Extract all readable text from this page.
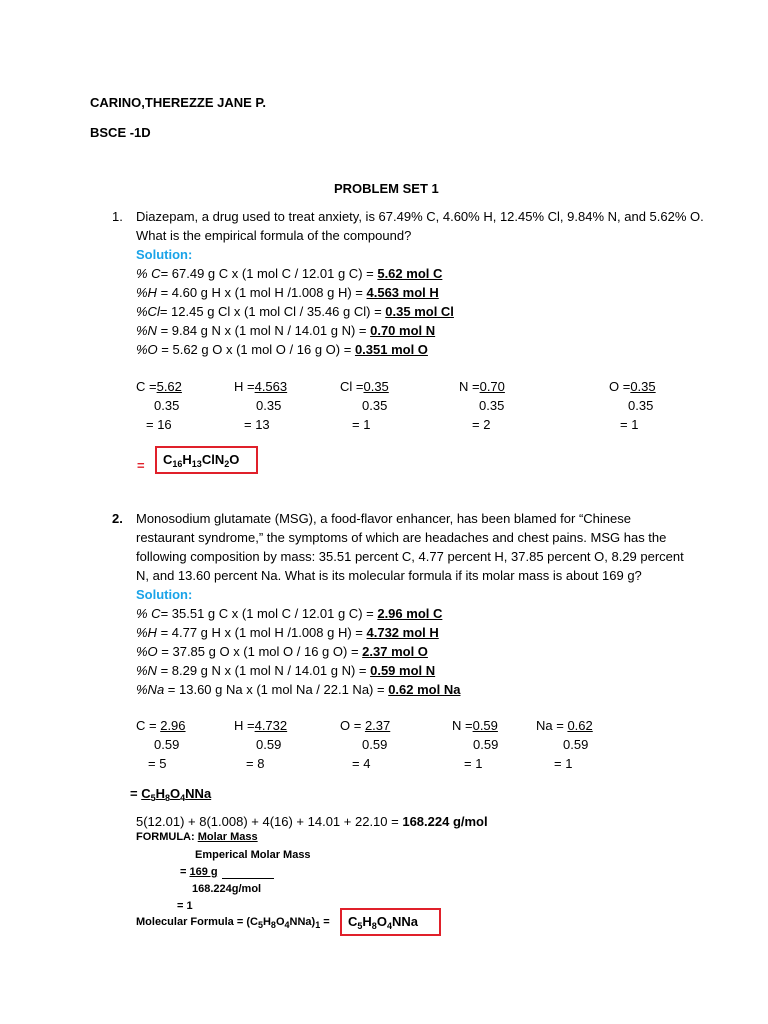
CARINO,THEREZZE JANE P.
BSCE -1D
PROBLEM SET 1
1. Diazepam, a drug used to treat anxiety, is 67.49% C, 4.60% H, 12.45% Cl, 9.84% N, and 5.62% O.
What is the empirical formula of the compound?
Solution:
% C= 67.49 g C x (1 mol C / 12.01 g C) = 5.62 mol C
%H = 4.60 g H x (1 mol H /1.008 g H) = 4.563 mol H
%Cl= 12.45 g Cl x (1 mol Cl / 35.46 g Cl) = 0.35 mol Cl
%N = 9.84 g N x (1 mol N / 14.01 g N) = 0.70 mol N
%O = 5.62 g O x (1 mol O / 16 g O) = 0.351 mol O
C =5.62
0.35
= 16
H =4.563
0.35
= 13
Cl =0.35
0.35
= 1
N =0.70
0.35
= 2
O =0.35
0.35
= 1
= $C_{16}H_{13}ClN_2O$
2. Monosodium glutamate (MSG), a food-flavor enhancer, has been blamed for “Chinese
restaurant syndrome,” the symptoms of which are headaches and chest pains. MSG has the
following composition by mass: 35.51 percent C, 4.77 percent H, 37.85 percent O, 8.29 percent
N, and 13.60 percent Na. What is its molecular formula if its molar mass is about 169 g?
Solution:
% C= 35.51 g C x (1 mol C / 12.01 g C) = 2.96 mol C
%H = 4.77 g H x (1 mol H /1.008 g H) = 4.732 mol H
%O = 37.85 g O x (1 mol O / 16 g O) = 2.37 mol O
%N = 8.29 g N x (1 mol N / 14.01 g N) = 0.59 mol N
%Na = 13.60 g Na x (1 mol Na / 22.1 Na) = 0.62 mol Na
C = 2.96
0.59
= 5
H =4.732
0.59
= 8
O = 2.37
0.59
= 4
N =0.59
0.59
= 1
Na = 0.62
0.59
= 1
= $C_5H_8O_4NNa$
5(12.01) + 8(1.008) + 4(16) + 14.01 + 22.10 = 168.224 g/mol
FORMULA: Molar Mass
Emperical Molar Mass
= 169 g
168.224g/mol
= 1
Molecular Formula = $(C_5H_8O_4NNa)_1 = C_5H_8O_4NNa$
